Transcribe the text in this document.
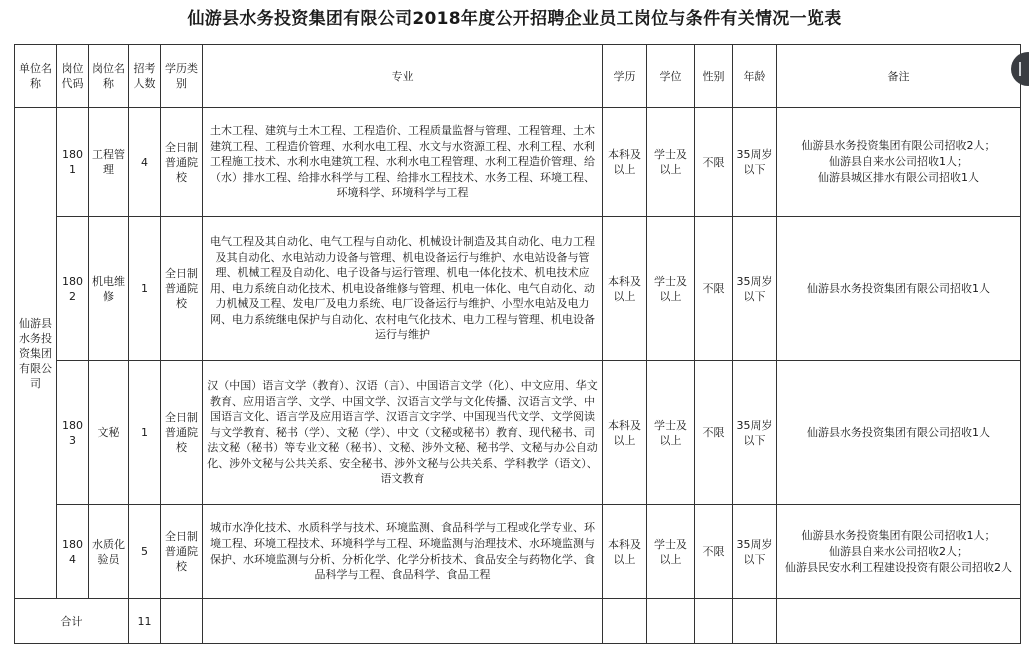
仙游县水务投资集团有限公司2018年度公开招聘企业员工岗位与条件有关情况一览表
单位名称	岗位代码	岗位名称	招考人数	学历类别	专业	学历	学位	性别	年龄	备注
仙游县水务投资集团有限公司	1801	工程管理	4	全日制普通院校	土木工程、建筑与土木工程、工程造价、工程质量监督与管理、工程管理、土木建筑工程、工程造价管理、水利水电工程、水文与水资源工程、水利工程、水利工程施工技术、水利水电建筑工程、水利水电工程管理、水利工程造价管理、给（水）排水工程、给排水科学与工程、给排水工程技术、水务工程、环境工程、环境科学、环境科学与工程	本科及以上	学士及以上	不限	35周岁以下	仙游县水务投资集团有限公司招收2人；
仙游县自来水公司招收1人；
仙游县城区排水有限公司招收1人

	1802	机电维修	1	全日制普通院校	电气工程及其自动化、电气工程与自动化、机械设计制造及其自动化、电力工程及其自动化、水电站动力设备与管理、机电设备运行与维护、水电站设备与管理、机械工程及自动化、电子设备与运行管理、机电一体化技术、机电技术应用、电力系统自动化技术、机电设备维修与管理、机电一体化、电气自动化、动力机械及工程、发电厂及电力系统、电厂设备运行与维护、小型水电站及电力网、电力系统继电保护与自动化、农村电气化技术、电力工程与管理、机电设备运行与维护	本科及以上	学士及以上	不限	35周岁以下	仙游县水务投资集团有限公司招收1人

	1803	文秘	1	全日制普通院校	汉（中国）语言文学（教育）、汉语（言）、中国语言文学（化）、中文应用、华文教育、应用语言学、文学、中国文学、汉语言文学与文化传播、汉语言文学、中国语言文化、语言学及应用语言学、汉语言文字学、中国现当代文学、文学阅读与文学教育、秘书（学）、文秘（学）、中文（文秘或秘书）教育、现代秘书、司法文秘（秘书）等专业文秘（秘书）、文秘、涉外文秘、秘书学、文秘与办公自动化、涉外文秘与公共关系、安全秘书、涉外文秘与公共关系、学科教学（语文）、语文教育	本科及以上	学士及以上	不限	35周岁以下	仙游县水务投资集团有限公司招收1人

	1804	水质化验员	5	全日制普通院校	城市水净化技术、水质科学与技术、环境监测、食品科学与工程或化学专业、环境工程、环境工程技术、环境科学与工程、环境监测与治理技术、水环境监测与保护、水环境监测与分析、分析化学、化学分析技术、食品安全与药物化学、食品科学与工程、食品科学、食品工程	本科及以上	学士及以上	不限	35周岁以下	仙游县水务投资集团有限公司招收1人；
仙游县自来水公司招收2人；
仙游县民安水利工程建设投资有限公司招收2人

合计			11							
